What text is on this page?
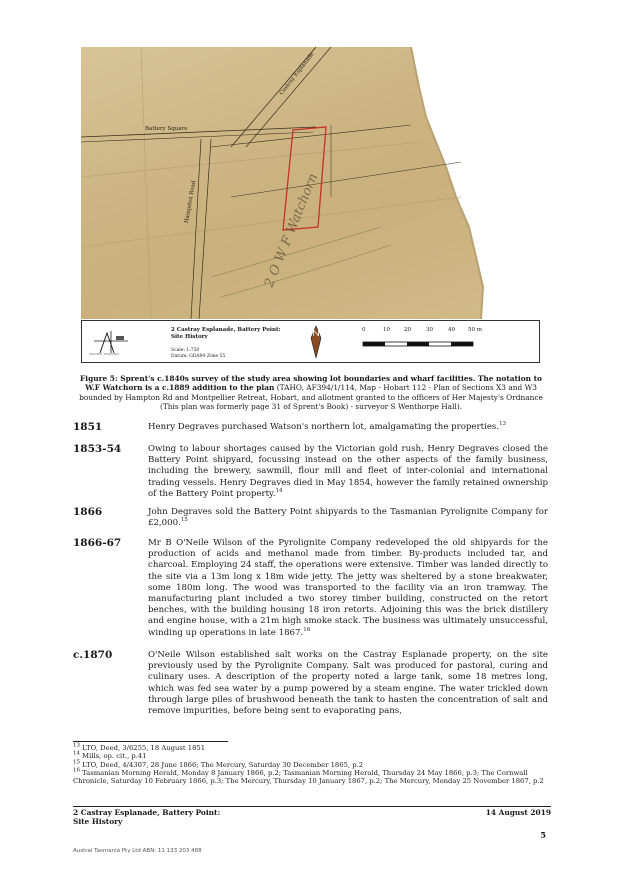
Castray Esplanade
Battery Square
Hampden Road	2 O W F Watchorn
AUSTRAL TASMANIA
2 Castray Esplanade, Battery Point:
Site History
Scale: 1:750
Datum: GDA94 Zone 55
0	10	20	30	40 50 m
Figure 5: Sprent's c.1840s survey of the study area showing lot boundaries and wharf facilities. The notation to W.F Watchorn is a c.1889 addition to the plan (TAHO, AF394/1/114, Map - Hobart 112 - Plan of Sections X3 and W3 bounded by Hampton Rd and Montpellier Retreat, Hobart, and allotment granted to the officers of Her Majesty's Ordnance (This plan was formerly page 31 of Sprent's Book) - surveyor S Wenthorpe Hall).
1851	Henry Degraves purchased Watson's northern lot, amalgamating the properties.$^{13}$
1853-54	Owing to labour shortages caused by the Victorian gold rush, Henry Degraves closed the Battery Point shipyard, focussing instead on the other aspects of the family business, including the brewery, sawmill, flour mill and fleet of inter-colonial and international trading vessels. Henry Degraves died in May 1854, however the family retained ownership of the Battery Point property.$^{14}$
1866	John Degraves sold the Battery Point shipyards to the Tasmanian Pyrolignite Company for £2,000.15
1866-67	Mr B O'Neile Wilson of the Pyrolignite Company redeveloped the old shipyards for the production of acids and methanol made from timber. By-products included tar, and charcoal. Employing 24 staff, the operations were extensive. Timber was landed directly to the site via a 13m long x 18m wide jetty. The jetty was sheltered by a stone breakwater, some 180m long. The wood was transported to the facility via an iron tramway. The manufacturing plant included a two storey timber building, constructed on the retort benches, with the building housing 18 iron retorts. Adjoining this was the brick distillery and engine house, with a 21m high smoke stack. The business was ultimately unsuccessful, winding up operations in late 1867.16
c.1870	O'Neile Wilson established salt works on the Castray Esplanade property, on the site previously used by the Pyrolignite Company. Salt was produced for pastoral, curing and culinary uses. A description of the property noted a large tank, some 18 metres long, which was fed sea water by a pump powered by a steam engine. The water trickled down through large piles of brushwood beneath the tank to hasten the concentration of salt and remove impurities, before being sent to evaporating pans,
$^{13}$ LTO, Deed, 3/6255, 18 August 1851
$^{14}$ Mills, op. cit., p.41
$^{15}$ LTO, Deed, 4/4307, 28 June 1866; The Mercury, Saturday 30 December 1865, p.2
$^{16}$ Tasmanian Morning Herald, Monday 8 January 1866, p.2; Tasmanian Morning Herald, Thursday 24 May 1866, p.3; The Cornwall Chronicle, Saturday 10 February 1866, p.3; The Mercury, Thursday 10 January 1867, p.2; The Mercury, Monday 25 November 1867, p.2
2 Castray Esplanade, Battery Point:
Site History
14 August 2019
5
Austral Tasmania Pty Ltd ABN: 11 133 203 488
